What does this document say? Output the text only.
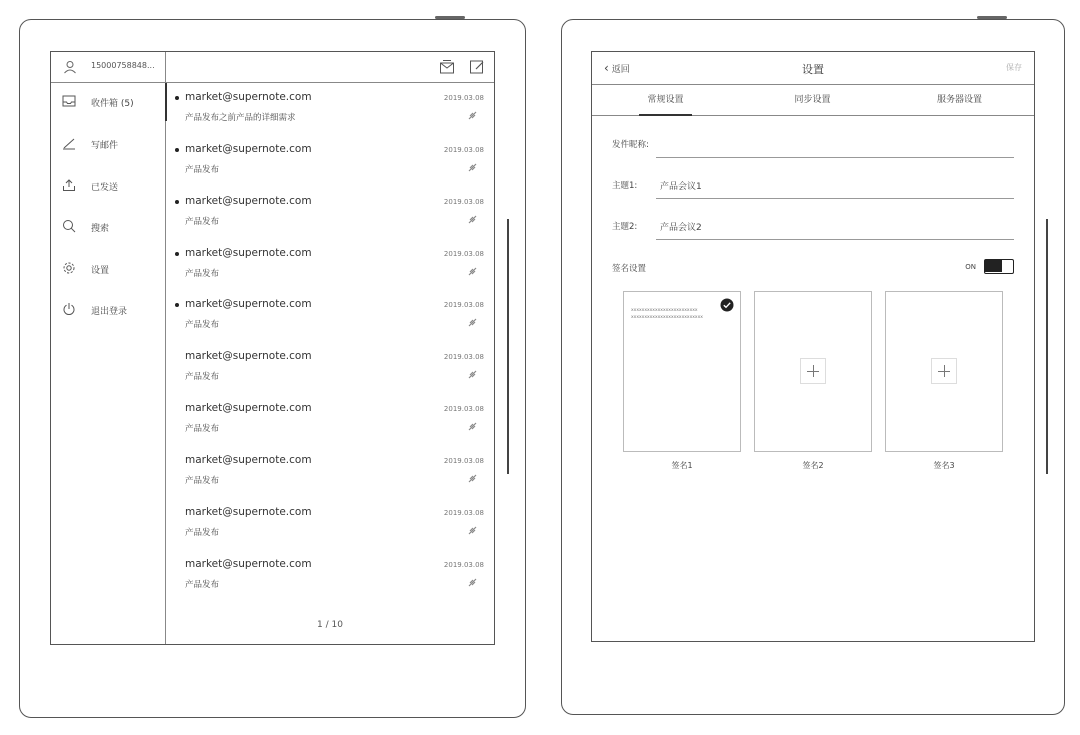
15000758848...
收件箱 (5)
写邮件
已发送
搜索
设置
退出登录
market@supernote.com	2019.03.08
产品发布之前产品的详细需求
market@supernote.com	2019.03.08
产品发布
market@supernote.com	2019.03.08
产品发布
market@supernote.com	2019.03.08
产品发布
market@supernote.com	2019.03.08
产品发布
market@supernote.com	2019.03.08
产品发布
market@supernote.com	2019.03.08
产品发布
market@supernote.com	2019.03.08
产品发布
market@supernote.com	2019.03.08
产品发布
market@supernote.com	2019.03.08
产品发布
1 / 10
‹ 返回	设置	保存
常规设置	同步设置	服务器设置
发件昵称:
主题1:	产品会议1
主题2:	产品会议2
签名设置	ON
xxxxxxxxxxxxxxxxxxxxxxxxx
xxxxxxxxxxxxxxxxxxxxxxxxxxx
签名1	签名2	签名3
